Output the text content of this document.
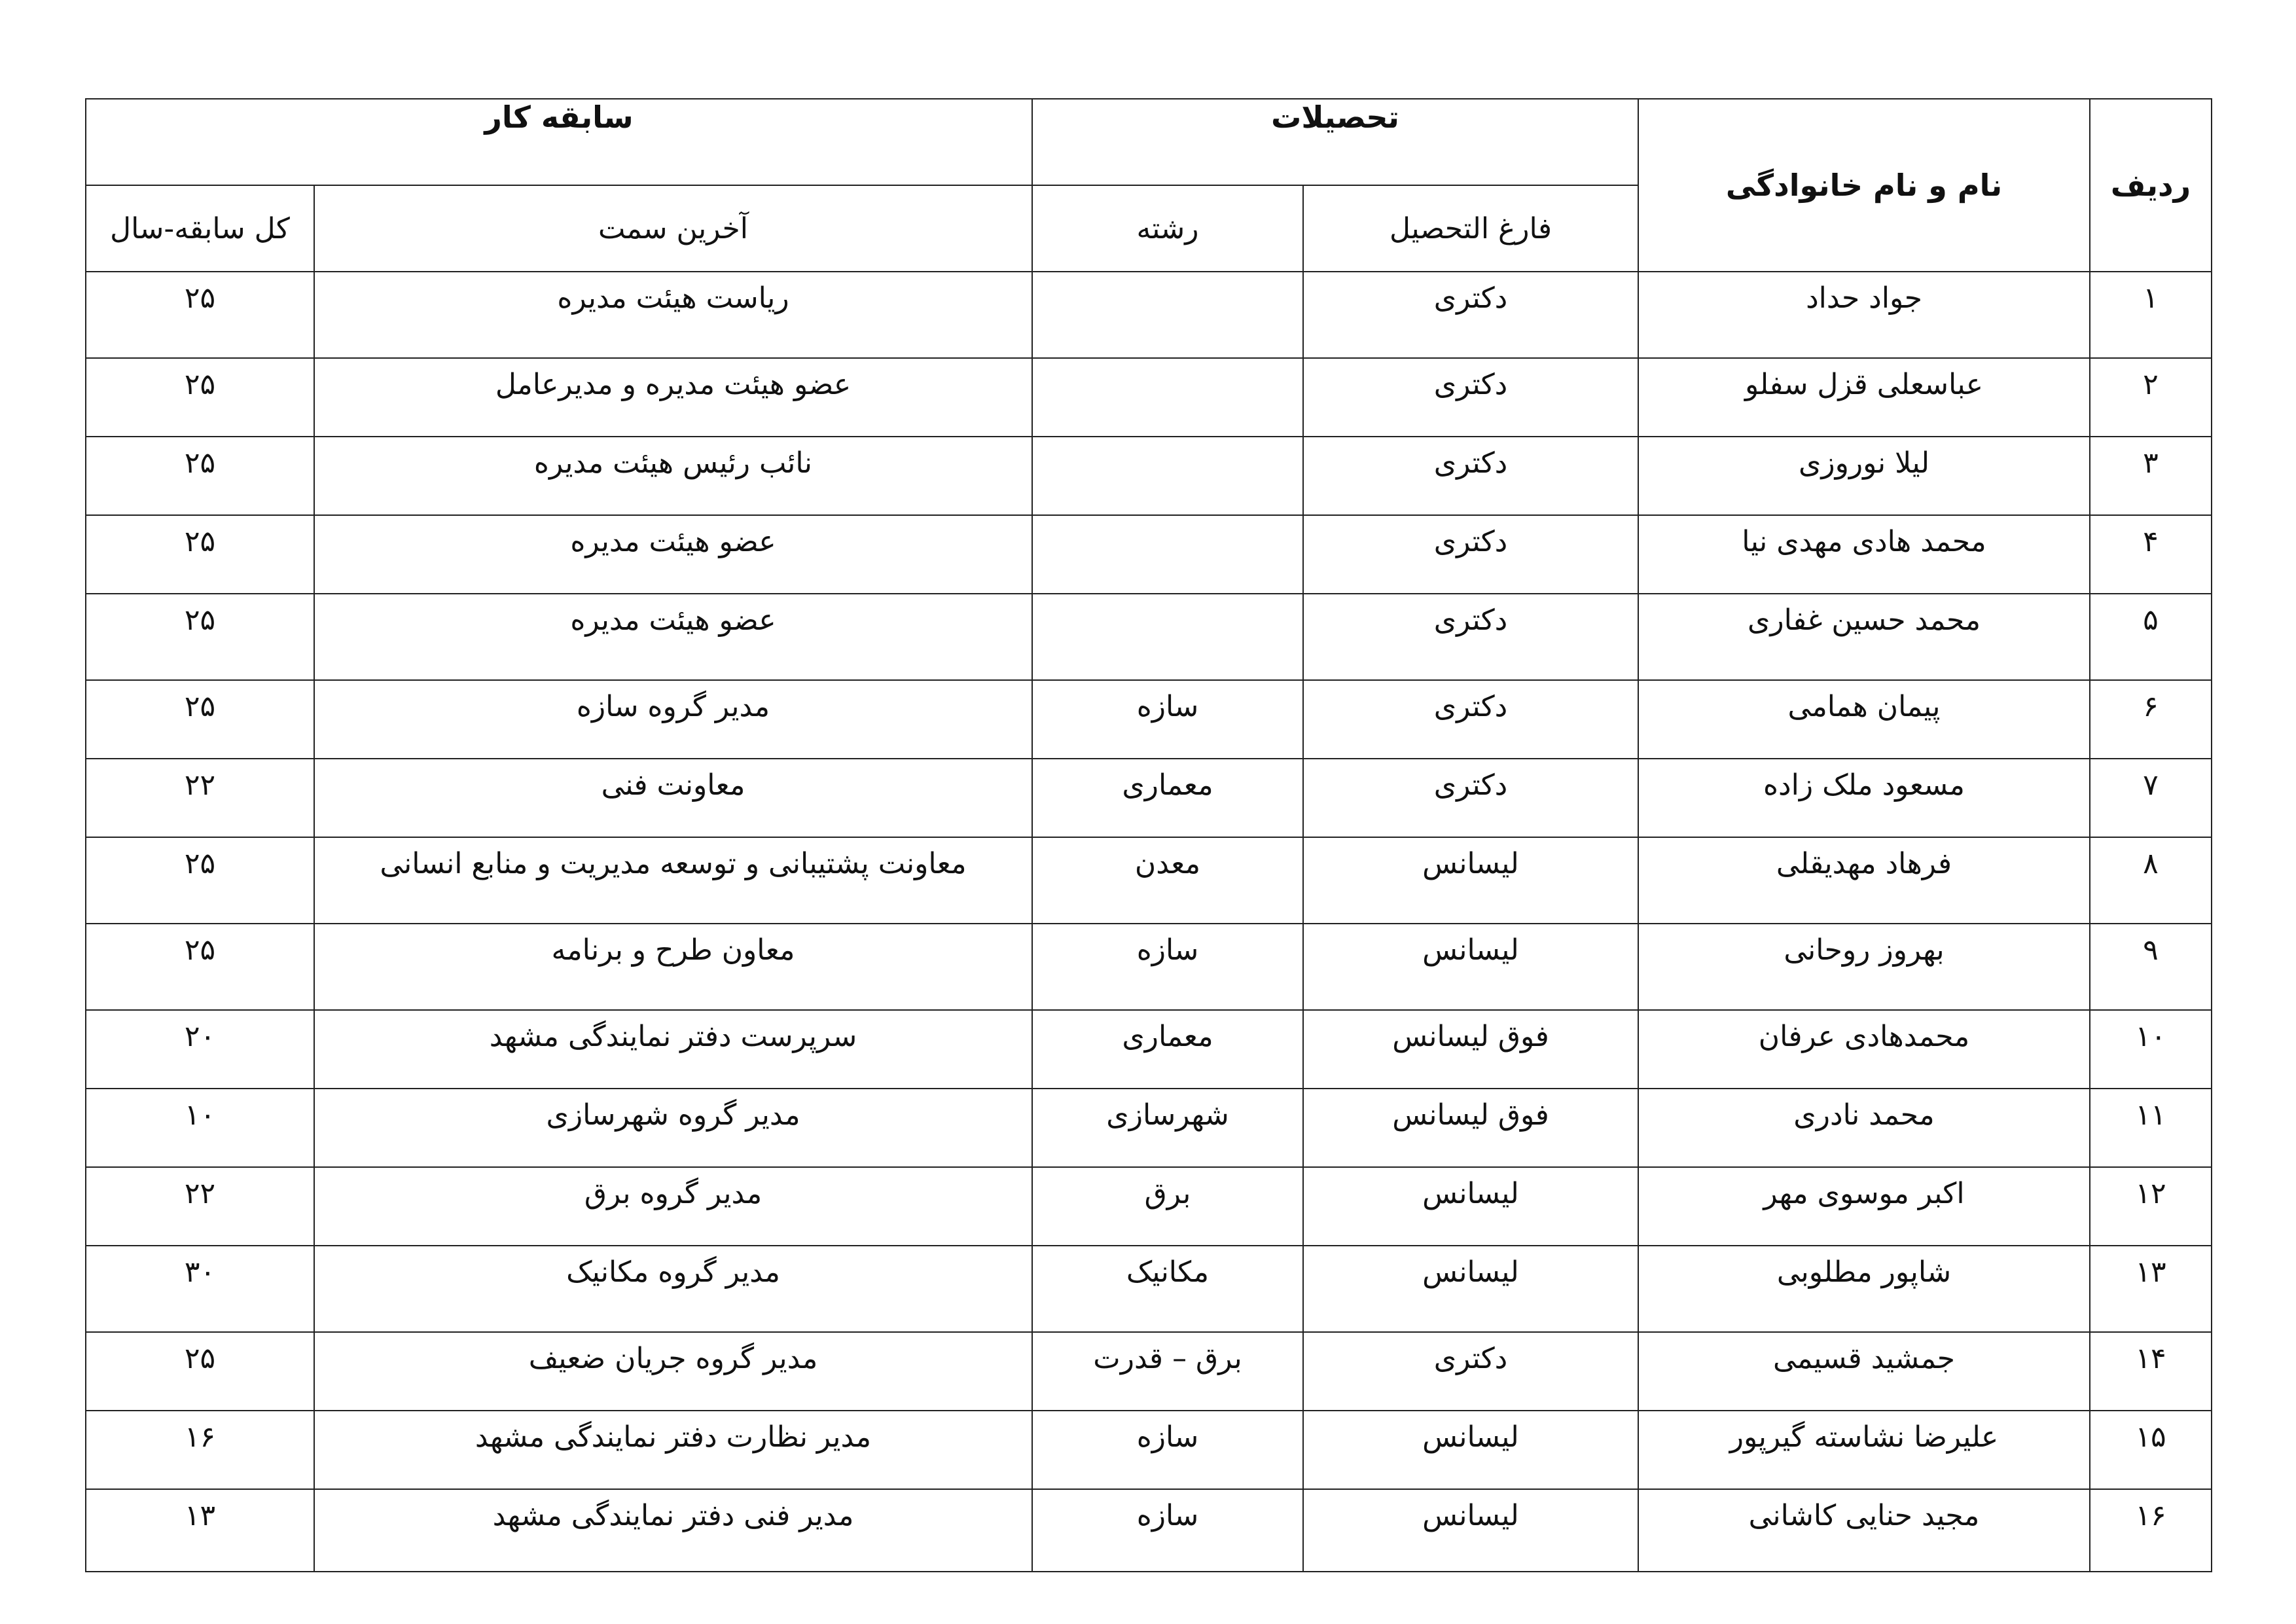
ردیف	نام و نام خانوادگی	تحصیلات		سابقه کار	
		فارغ التحصیل	رشته	آخرین سمت	کل سابقه-سال
۱	جواد حداد	دکتری		ریاست هیئت مدیره	۲۵
۲	عباسعلی قزل سفلو	دکتری		عضو هیئت مدیره و مدیرعامل	۲۵
۳	لیلا نوروزی	دکتری		نائب رئیس هیئت مدیره	۲۵
۴	محمد هادی مهدی نیا	دکتری		عضو هیئت مدیره	۲۵
۵	محمد حسین غفاری	دکتری		عضو هیئت مدیره	۲۵
۶	پیمان همامی	دکتری	سازه	مدیر گروه سازه	۲۵
۷	مسعود ملک زاده	دکتری	معماری	معاونت فنی	۲۲
۸	فرهاد مهدیقلی	لیسانس	معدن	معاونت پشتیبانی و توسعه مدیریت و منابع انسانی	۲۵
۹	بهروز روحانی	لیسانس	سازه	معاون طرح و برنامه	۲۵
۱۰	محمدهادی عرفان	فوق لیسانس	معماری	سرپرست دفتر نمایندگی مشهد	۲۰
۱۱	محمد نادری	فوق لیسانس	شهرسازی	مدیر گروه شهرسازی	۱۰
۱۲	اکبر موسوی مهر	لیسانس	برق	مدیر گروه برق	۲۲
۱۳	شاپور مطلوبی	لیسانس	مکانیک	مدیر گروه مکانیک	۳۰
۱۴	جمشید قسیمی	دکتری	برق – قدرت	مدیر گروه جریان ضعیف	۲۵
۱۵	علیرضا نشاسته گیرپور	لیسانس	سازه	مدیر نظارت دفتر نمایندگی مشهد	۱۶
۱۶	مجید حنایی کاشانی	لیسانس	سازه	مدیر فنی دفتر نمایندگی مشهد	۱۳
